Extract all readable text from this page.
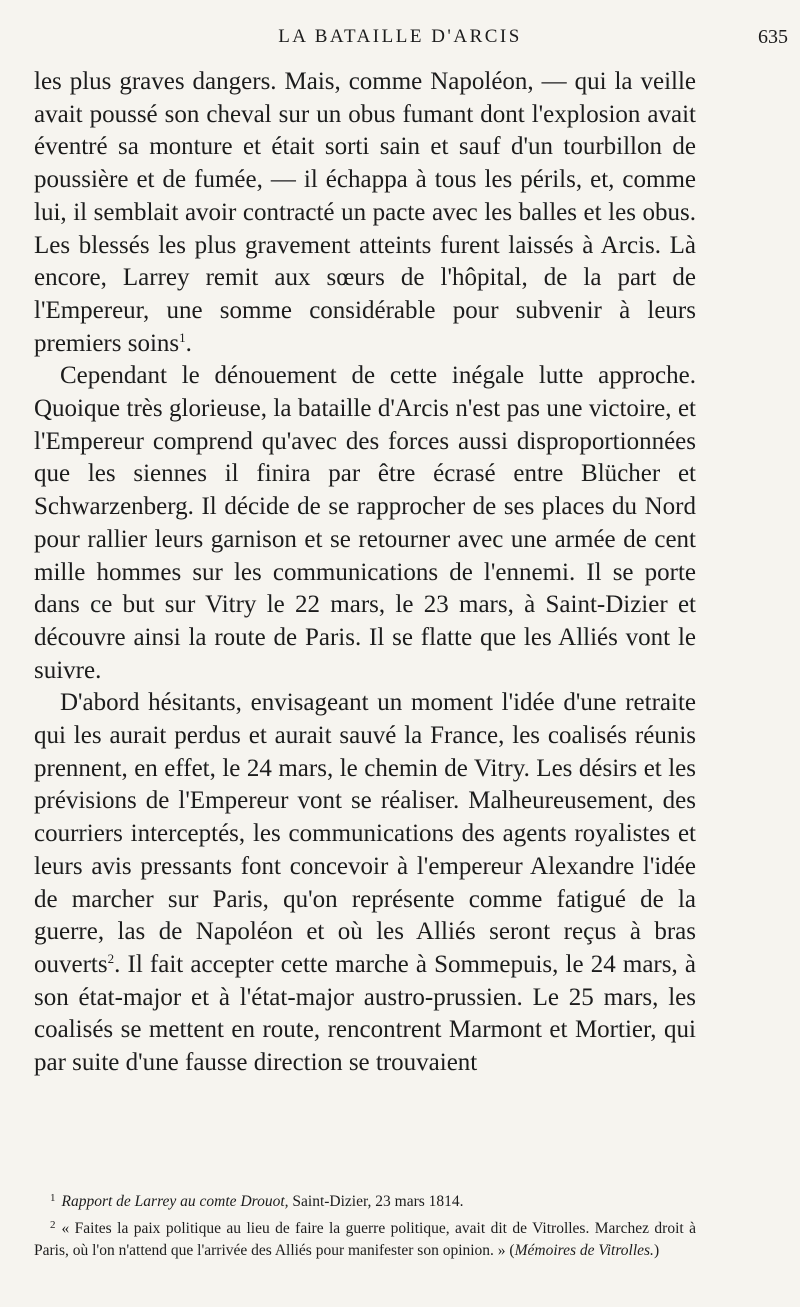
LA BATAILLE D'ARCIS	635

les plus graves dangers. Mais, comme Napoléon, — qui la veille avait poussé son cheval sur un obus fumant dont l'explosion avait éventré sa monture et était sorti sain et sauf d'un tourbillon de poussière et de fumée, — il échappa à tous les périls, et, comme lui, il semblait avoir contracté un pacte avec les balles et les obus. Les blessés les plus gravement atteints furent laissés à Arcis. Là encore, Larrey remit aux sœurs de l'hôpital, de la part de l'Empereur, une somme considérable pour subvenir à leurs premiers soins$^1$.

Cependant le dénouement de cette inégale lutte approche. Quoique très glorieuse, la bataille d'Arcis n'est pas une victoire, et l'Empereur comprend qu'avec des forces aussi disproportionnées que les siennes il finira par être écrasé entre Blücher et Schwarzenberg. Il décide de se rapprocher de ses places du Nord pour rallier leurs garnison et se retourner avec une armée de cent mille hommes sur les communications de l'ennemi. Il se porte dans ce but sur Vitry le 22 mars, le 23 mars, à Saint-Dizier et découvre ainsi la route de Paris. Il se flatte que les Alliés vont le suivre.

D'abord hésitants, envisageant un moment l'idée d'une retraite qui les aurait perdus et aurait sauvé la France, les coalisés réunis prennent, en effet, le 24 mars, le chemin de Vitry. Les désirs et les prévisions de l'Empereur vont se réaliser. Malheureusement, des courriers interceptés, les communications des agents royalistes et leurs avis pressants font concevoir à l'empereur Alexandre l'idée de marcher sur Paris, qu'on représente comme fatigué de la guerre, las de Napoléon et où les Alliés seront reçus à bras ouverts$^2$. Il fait accepter cette marche à Sommepuis, le 24 mars, à son état-major et à l'état-major austro-prussien. Le 25 mars, les coalisés se mettent en route, rencontrent Marmont et Mortier, qui par suite d'une fausse direction se trouvaient

$^1$ Rapport de Larrey au comte Drouot, Saint-Dizier, 23 mars 1814.

$^2$ « Faites la paix politique au lieu de faire la guerre politique, avait dit de Vitrolles. Marchez droit à Paris, où l'on n'attend que l'arrivée des Alliés pour manifester son opinion. » (Mémoires de Vitrolles.)
